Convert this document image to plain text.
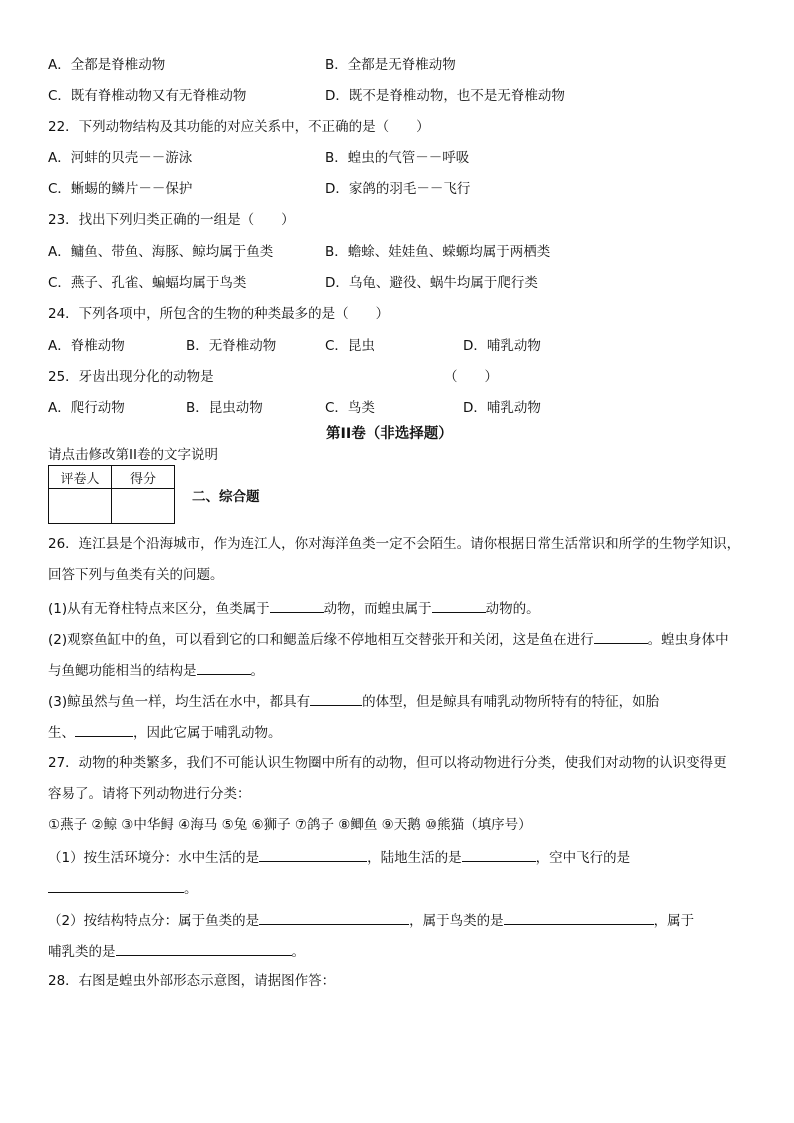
A．全都是脊椎动物	B．全都是无脊椎动物
C．既有脊椎动物又有无脊椎动物	D．既不是脊椎动物，也不是无脊椎动物
22．下列动物结构及其功能的对应关系中，不正确的是（　　）
A．河蚌的贝壳－－游泳	B．蝗虫的气管－－呼吸
C．蜥蜴的鳞片－－保护	D．家鸽的羽毛－－飞行
23．找出下列归类正确的一组是（　　）
A．鳙鱼、带鱼、海豚、鲸均属于鱼类	B．蟾蜍、娃娃鱼、蝾螈均属于两栖类
C．燕子、孔雀、蝙蝠均属于鸟类	D．乌龟、避役、蜗牛均属于爬行类
24．下列各项中，所包含的生物的种类最多的是（　　）
A．脊椎动物	B．无脊椎动物	C．昆虫	D．哺乳动物
25．牙齿出现分化的动物是	（　　）
A．爬行动物	B．昆虫动物	C．鸟类	D．哺乳动物
第II卷（非选择题）
请点击修改第II卷的文字说明
评卷人	得分

二、综合题
26．连江县是个沿海城市，作为连江人，你对海洋鱼类一定不会陌生。请你根据日常生活常识和所学的生物学知识，
回答下列与鱼类有关的问题。
(1)从有无脊柱特点来区分，鱼类属于	动物，而蝗虫属于	动物的。
(2)观察鱼缸中的鱼，可以看到它的口和鳃盖后缘不停地相互交替张开和关闭，这是鱼在进行	。蝗虫身体中
与鱼鳃功能相当的结构是	。
(3)鲸虽然与鱼一样，均生活在水中，都具有	的体型，但是鲸具有哺乳动物所特有的特征，如胎
生、	，因此它属于哺乳动物。
27．动物的种类繁多，我们不可能认识生物圈中所有的动物，但可以将动物进行分类，使我们对动物的认识变得更
容易了。请将下列动物进行分类：
①燕子 ②鲸 ③中华鲟 ④海马 ⑤兔 ⑥狮子 ⑦鸽子 ⑧鲫鱼 ⑨天鹅 ⑩熊猫（填序号）
（1）按生活环境分：水中生活的是	，陆地生活的是	，空中飞行的是
。
（2）按结构特点分：属于鱼类的是	，属于鸟类的是	，属于
哺乳类的是	。
28．右图是蝗虫外部形态示意图，请据图作答：
